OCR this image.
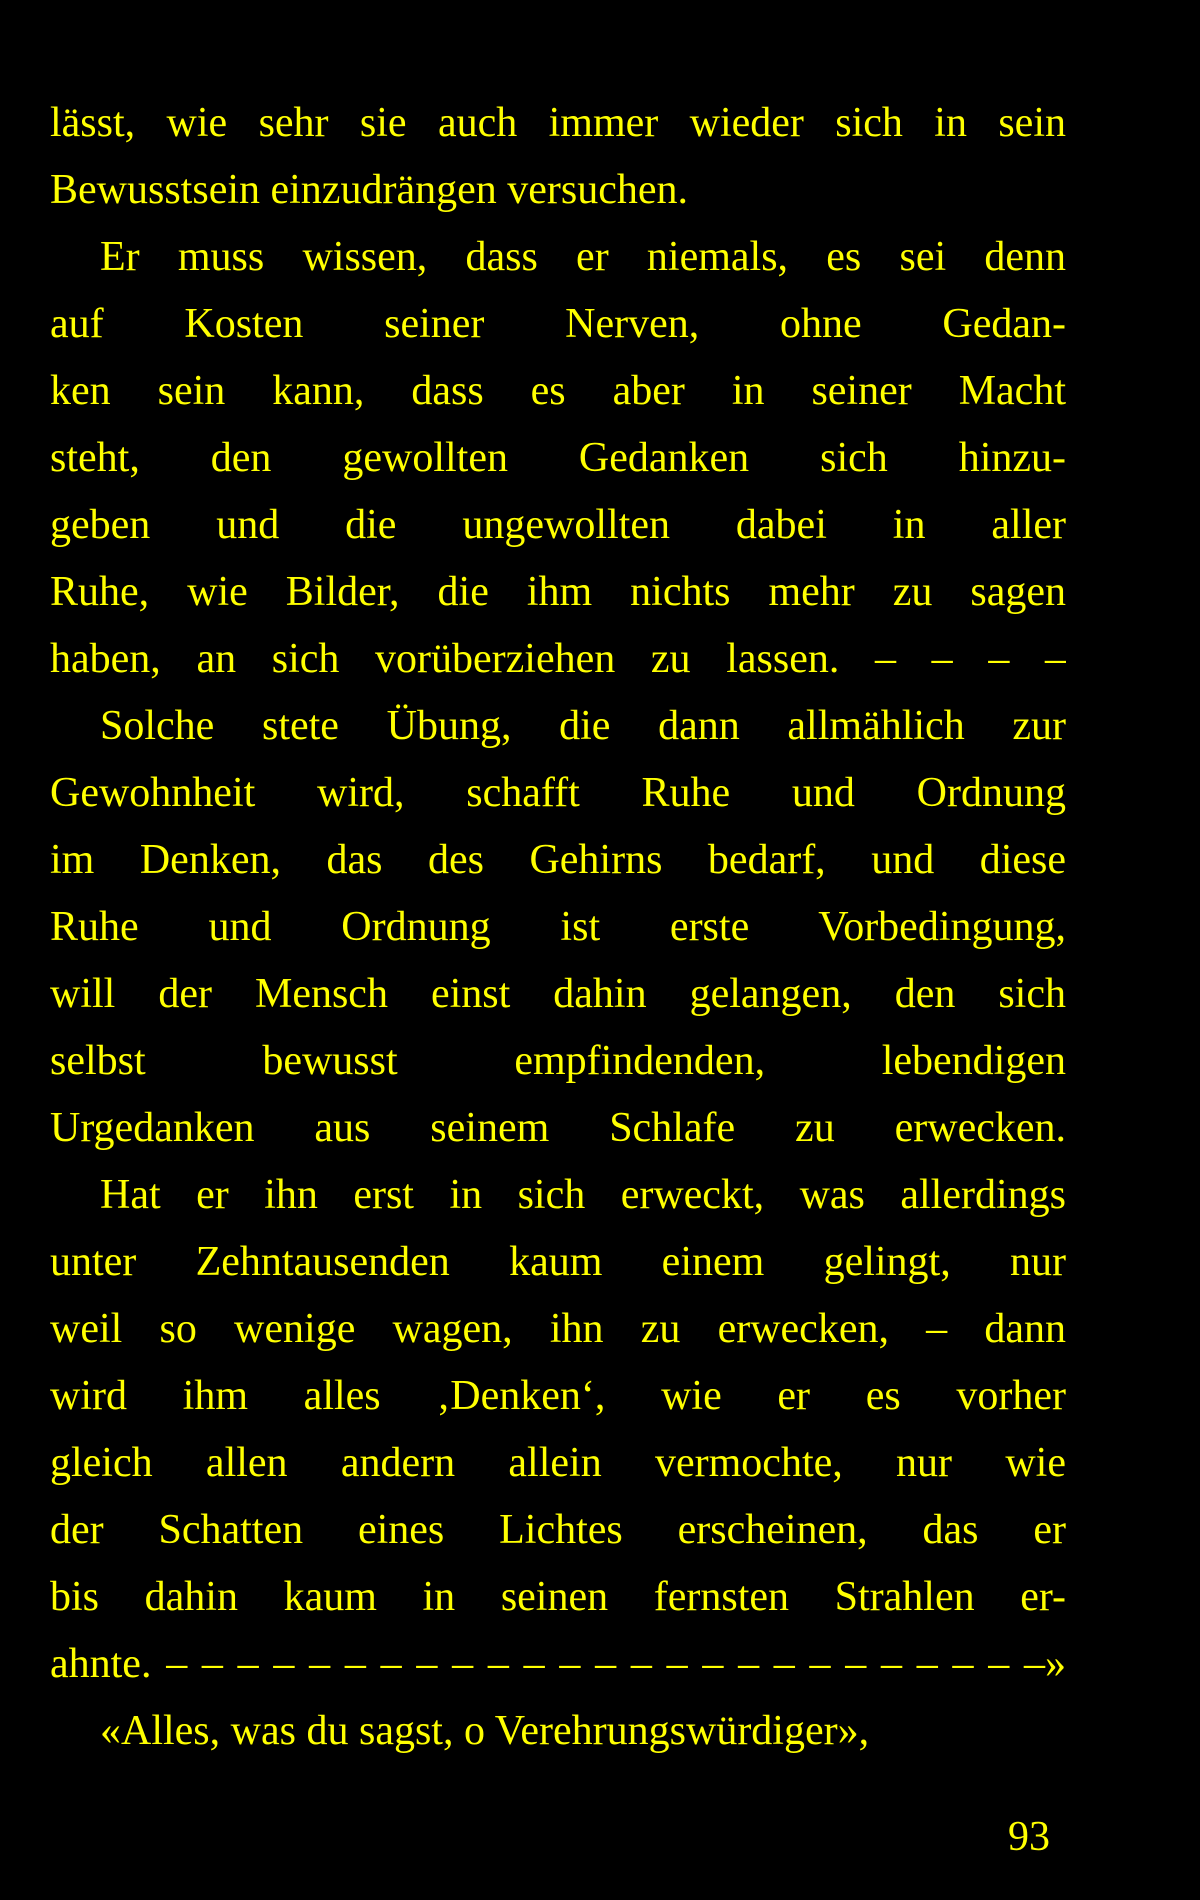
lässt, wie sehr sie auch immer wieder sich in sein
Bewusstsein einzudrängen versuchen.
Er muss wissen, dass er niemals, es sei denn
auf Kosten seiner Nerven, ohne Gedan-
ken sein kann, dass es aber in seiner Macht
steht, den gewollten Gedanken sich hinzu-
geben und die ungewollten dabei in aller
Ruhe, wie Bilder, die ihm nichts mehr zu sagen
haben, an sich vorüberziehen zu lassen. – – – –
Solche stete Übung, die dann allmählich zur
Gewohnheit wird, schafft Ruhe und Ordnung
im Denken, das des Gehirns bedarf, und diese
Ruhe und Ordnung ist erste Vorbedingung,
will der Mensch einst dahin gelangen, den sich
selbst bewusst empfindenden, lebendigen
Urgedanken aus seinem Schlafe zu erwecken.
Hat er ihn erst in sich erweckt, was allerdings
unter Zehntausenden kaum einem gelingt, nur
weil so wenige wagen, ihn zu erwecken, – dann
wird ihm alles ‚Denken‘, wie er es vorher
gleich allen andern allein vermochte, nur wie
der Schatten eines Lichtes erscheinen, das er
bis dahin kaum in seinen fernsten Strahlen er-
ahnte. – – – – – – – – – – – – – – – – – – – – – – – – –»
«Alles, was du sagst, o Verehrungswürdiger»,
93
